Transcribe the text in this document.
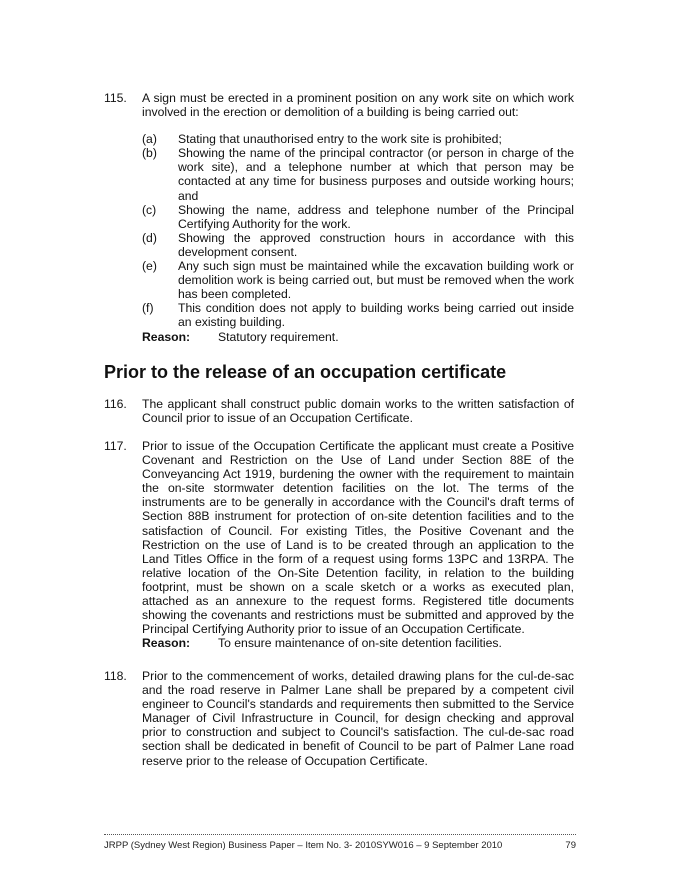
115.	A sign must be erected in a prominent position on any work site on which work involved in the erection or demolition of a building is being carried out:
(a)	Stating that unauthorised entry to the work site is prohibited;
(b)	Showing the name of the principal contractor (or person in charge of the work site), and a telephone number at which that person may be contacted at any time for business purposes and outside working hours; and
(c)	Showing the name, address and telephone number of the Principal Certifying Authority for the work.
(d)	Showing the approved construction hours in accordance with this development consent.
(e)	Any such sign must be maintained while the excavation building work or demolition work is being carried out, but must be removed when the work has been completed.
(f)	This condition does not apply to building works being carried out inside an existing building.
Reason: Statutory requirement.
Prior to the release of an occupation certificate
116.	The applicant shall construct public domain works to the written satisfaction of Council prior to issue of an Occupation Certificate.
117.	Prior to issue of the Occupation Certificate the applicant must create a Positive Covenant and Restriction on the Use of Land under Section 88E of the Conveyancing Act 1919, burdening the owner with the requirement to maintain the on-site stormwater detention facilities on the lot. The terms of the instruments are to be generally in accordance with the Council's draft terms of Section 88B instrument for protection of on-site detention facilities and to the satisfaction of Council. For existing Titles, the Positive Covenant and the Restriction on the use of Land is to be created through an application to the Land Titles Office in the form of a request using forms 13PC and 13RPA. The relative location of the On-Site Detention facility, in relation to the building footprint, must be shown on a scale sketch or a works as executed plan, attached as an annexure to the request forms. Registered title documents showing the covenants and restrictions must be submitted and approved by the Principal Certifying Authority prior to issue of an Occupation Certificate.
Reason: To ensure maintenance of on-site detention facilities.
118.	Prior to the commencement of works, detailed drawing plans for the cul-de-sac and the road reserve in Palmer Lane shall be prepared by a competent civil engineer to Council's standards and requirements then submitted to the Service Manager of Civil Infrastructure in Council, for design checking and approval prior to construction and subject to Council's satisfaction. The cul-de-sac road section shall be dedicated in benefit of Council to be part of Palmer Lane road reserve prior to the release of Occupation Certificate.
JRPP (Sydney West Region) Business Paper – Item No. 3- 2010SYW016 – 9 September 2010	79
